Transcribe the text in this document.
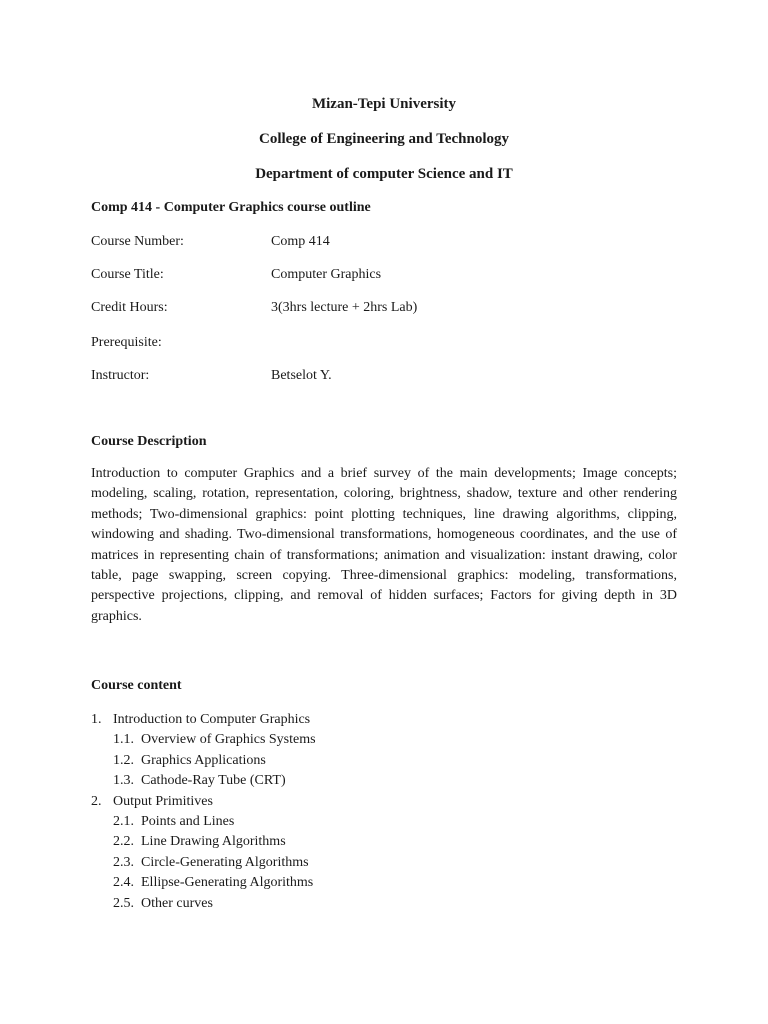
Mizan-Tepi University
College of Engineering and Technology
Department of computer Science and IT
Comp 414 - Computer Graphics course outline
Course Number:	Comp 414
Course Title:	Computer Graphics
Credit Hours:	3(3hrs lecture + 2hrs Lab)
Prerequisite:
Instructor:	Betselot Y.
Course Description

Introduction to computer Graphics and a brief survey of the main developments; Image concepts; modeling, scaling, rotation, representation, coloring, brightness, shadow, texture and other rendering methods; Two-dimensional graphics: point plotting techniques, line drawing algorithms, clipping, windowing and shading. Two-dimensional transformations, homogeneous coordinates, and the use of matrices in representing chain of transformations; animation and visualization: instant drawing, color table, page swapping, screen copying. Three-dimensional graphics: modeling, transformations, perspective projections, clipping, and removal of hidden surfaces; Factors for giving depth in 3D graphics.

Course content
1. Introduction to Computer Graphics
1.1. Overview of Graphics Systems
1.2. Graphics Applications
1.3. Cathode-Ray Tube (CRT)
2. Output Primitives
2.1. Points and Lines
2.2. Line Drawing Algorithms
2.3. Circle-Generating Algorithms
2.4. Ellipse-Generating Algorithms
2.5. Other curves
